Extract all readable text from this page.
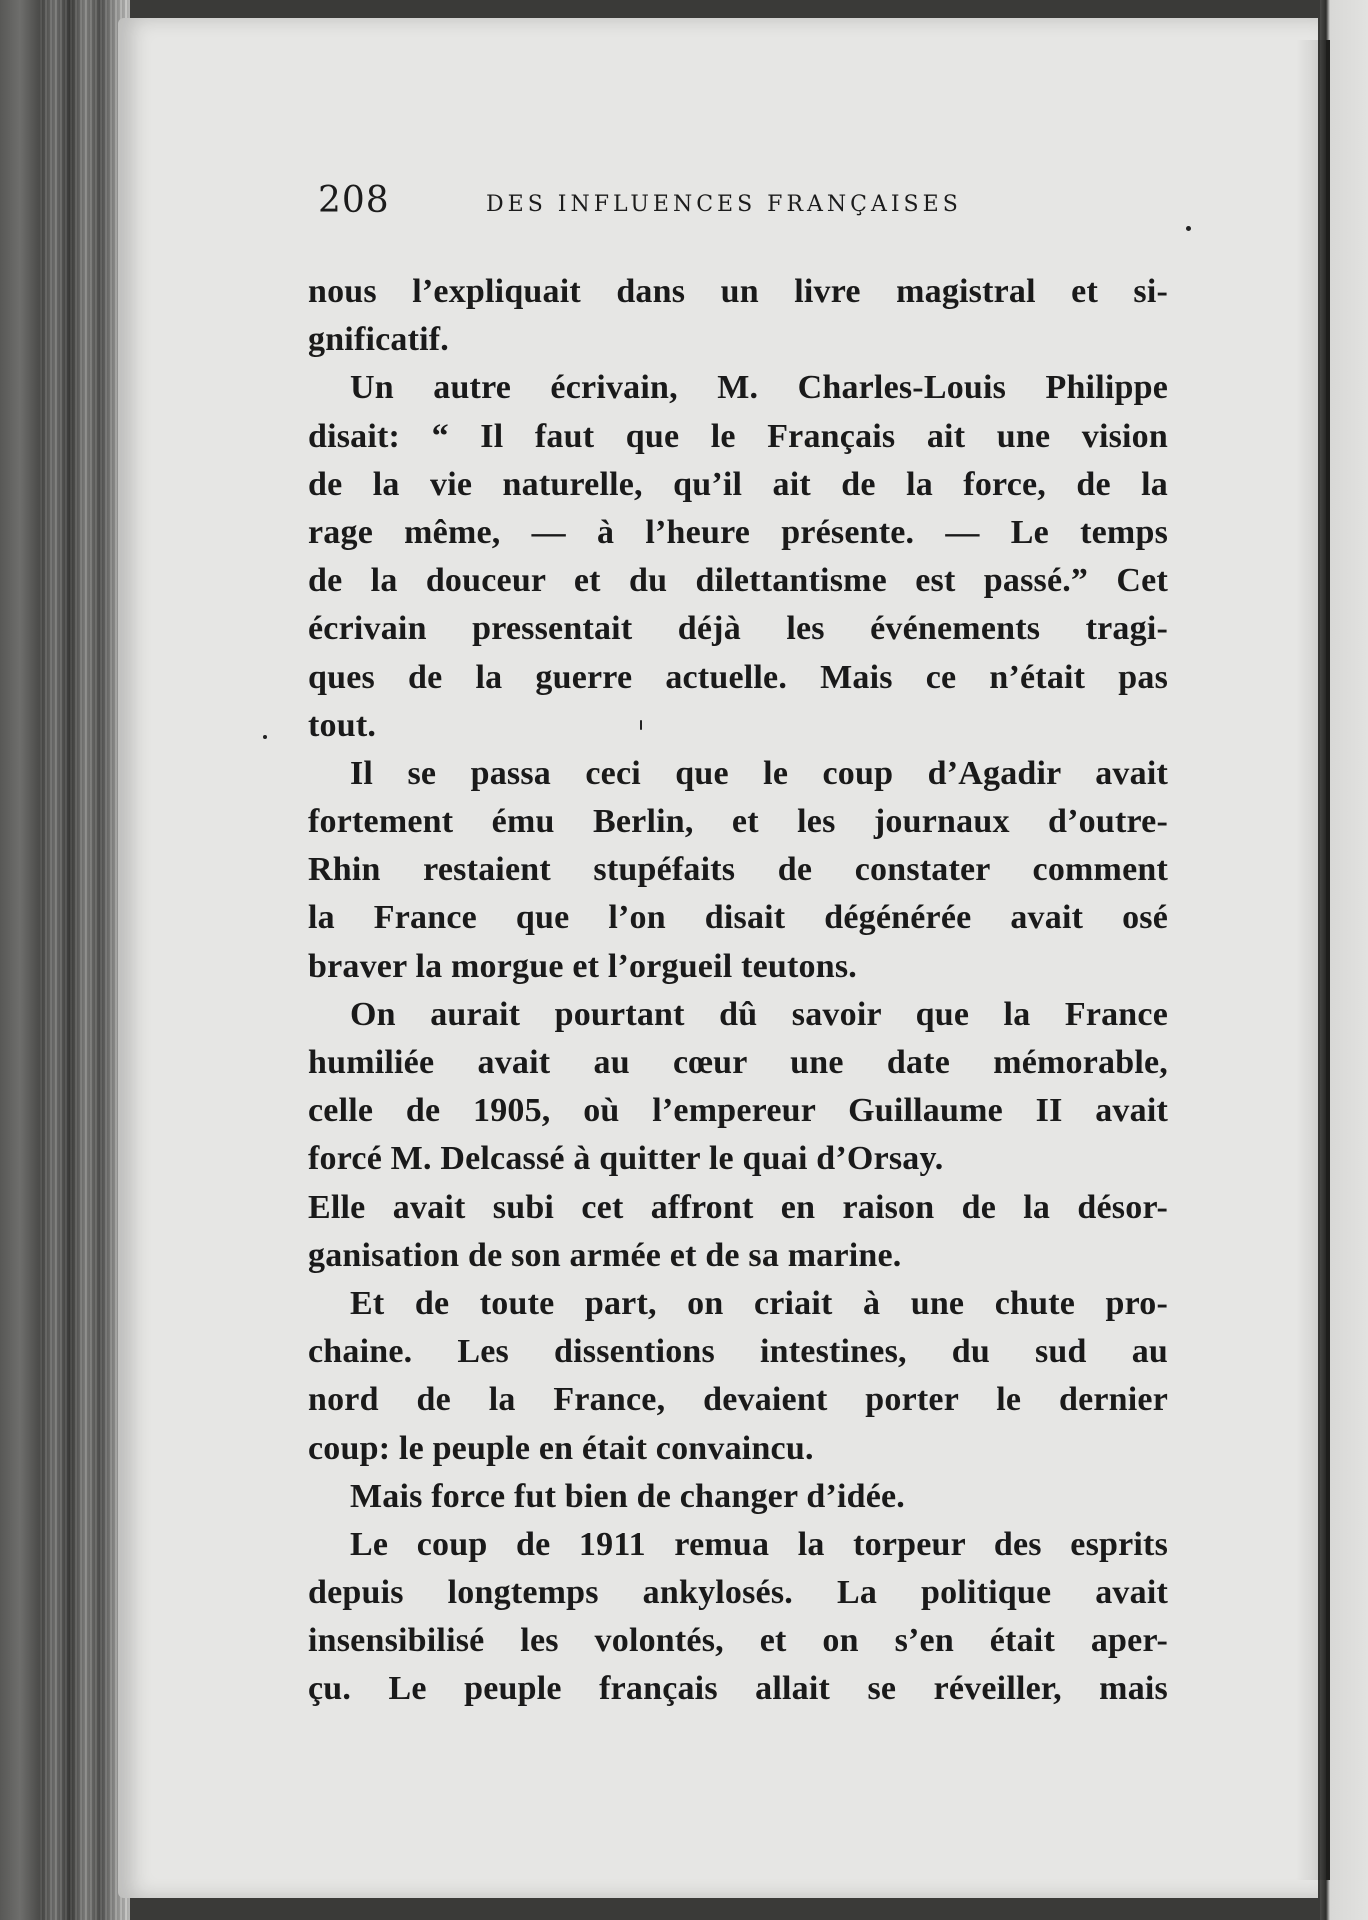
208	DES INFLUENCES FRANÇAISES
nous l’expliquait dans un livre magistral et si-
gnificatif.
Un autre écrivain, M. Charles-Louis Philippe
disait: “ Il faut que le Français ait une vision
de la vie naturelle, qu’il ait de la force, de la
rage même, — à l’heure présente. — Le temps
de la douceur et du dilettantisme est passé.” Cet
écrivain pressentait déjà les événements tragi-
ques de la guerre actuelle. Mais ce n’était pas
tout.
Il se passa ceci que le coup d’Agadir avait
fortement ému Berlin, et les journaux d’outre-
Rhin restaient stupéfaits de constater comment
la France que l’on disait dégénérée avait osé
braver la morgue et l’orgueil teutons.
On aurait pourtant dû savoir que la France
humiliée avait au cœur une date mémorable,
celle de 1905, où l’empereur Guillaume II avait
forcé M. Delcassé à quitter le quai d’Orsay.
Elle avait subi cet affront en raison de la désor-
ganisation de son armée et de sa marine.
Et de toute part, on criait à une chute pro-
chaine. Les dissentions intestines, du sud au
nord de la France, devaient porter le dernier
coup: le peuple en était convaincu.
Mais force fut bien de changer d’idée.
Le coup de 1911 remua la torpeur des esprits
depuis longtemps ankylosés. La politique avait
insensibilisé les volontés, et on s’en était aper-
çu. Le peuple français allait se réveiller, mais
